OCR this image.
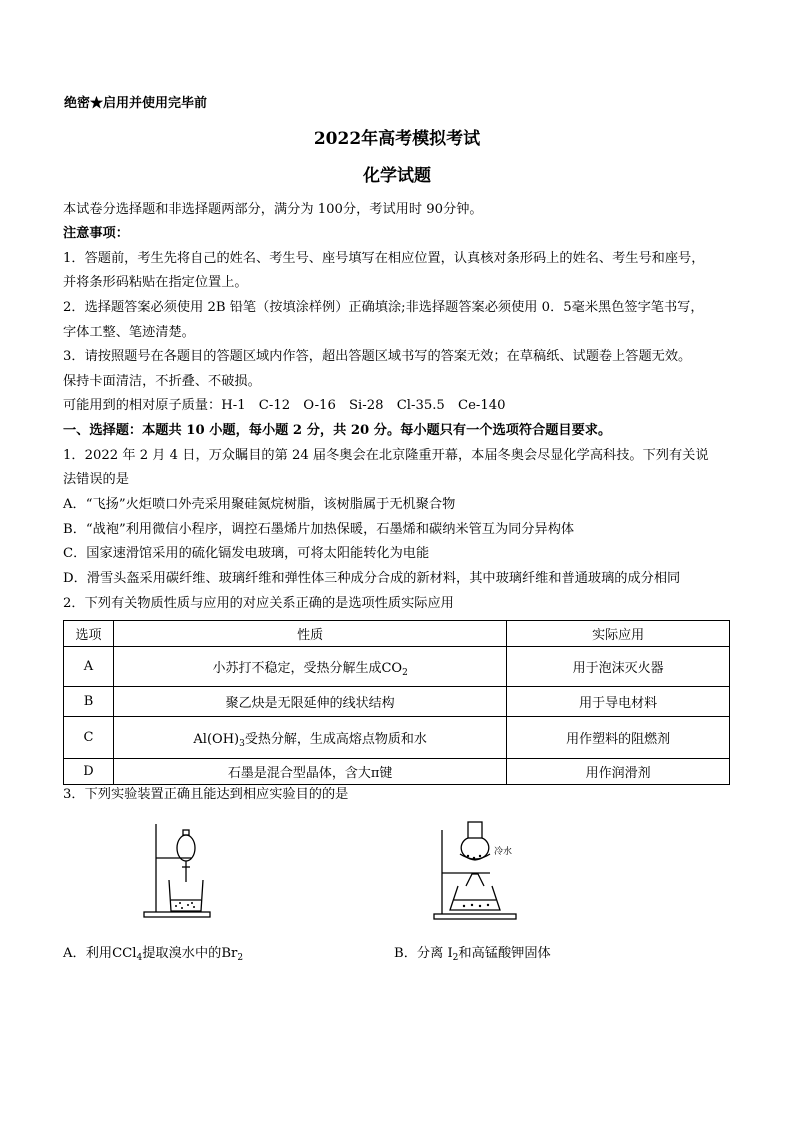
绝密★启用并使用完毕前
2022年高考模拟考试
化学试题
本试卷分选择题和非选择题两部分，满分为 100分，考试用时 90分钟。
注意事项：
1．答题前，考生先将自己的姓名、考生号、座号填写在相应位置，认真核对条形码上的姓名、考生号和座号，
并将条形码粘贴在指定位置上。
2．选择题答案必须使用 2B 铅笔（按填涂样例）正确填涂;非选择题答案必须使用 0．5毫米黑色签字笔书写，
字体工整、笔迹清楚。
3．请按照题号在各题目的答题区域内作答，超出答题区域书写的答案无效；在草稿纸、试题卷上答题无效。
保持卡面清洁，不折叠、不破损。
可能用到的相对原子质量：H-1　C-12　O-16　Si-28　Cl-35.5　Ce-140
一、选择题：本题共 10 小题，每小题 2 分，共 20 分。每小题只有一个选项符合题目要求。
1．2022 年 2 月 4 日，万众瞩目的第 24 届冬奥会在北京隆重开幕，本届冬奥会尽显化学高科技。下列有关说
法错误的是
A．“飞扬”火炬喷口外壳采用聚硅氮烷树脂，该树脂属于无机聚合物
B．“战袍”利用微信小程序，调控石墨烯片加热保暖，石墨烯和碳纳米管互为同分异构体
C．国家速滑馆采用的硫化镉发电玻璃，可将太阳能转化为电能
D．滑雪头盔采用碳纤维、玻璃纤维和弹性体三种成分合成的新材料，其中玻璃纤维和普通玻璃的成分相同
2．下列有关物质性质与应用的对应关系正确的是选项性质实际应用
选项	性质	实际应用
A	小苏打不稳定，受热分解生成$CO_2$	用于泡沫灭火器
B	聚乙炔是无限延伸的线状结构	用于导电材料
C	$Al(OH)_3$受热分解，生成高熔点物质和水	用作塑料的阻燃剂
D	石墨是混合型晶体，含大π键	用作润滑剂
3．下列实验装置正确且能达到相应实验目的的是
冷水
A．利用CCl$_4$提取溴水中的$Br_2$	B．分离 $I_2$和高锰酸钾固体
